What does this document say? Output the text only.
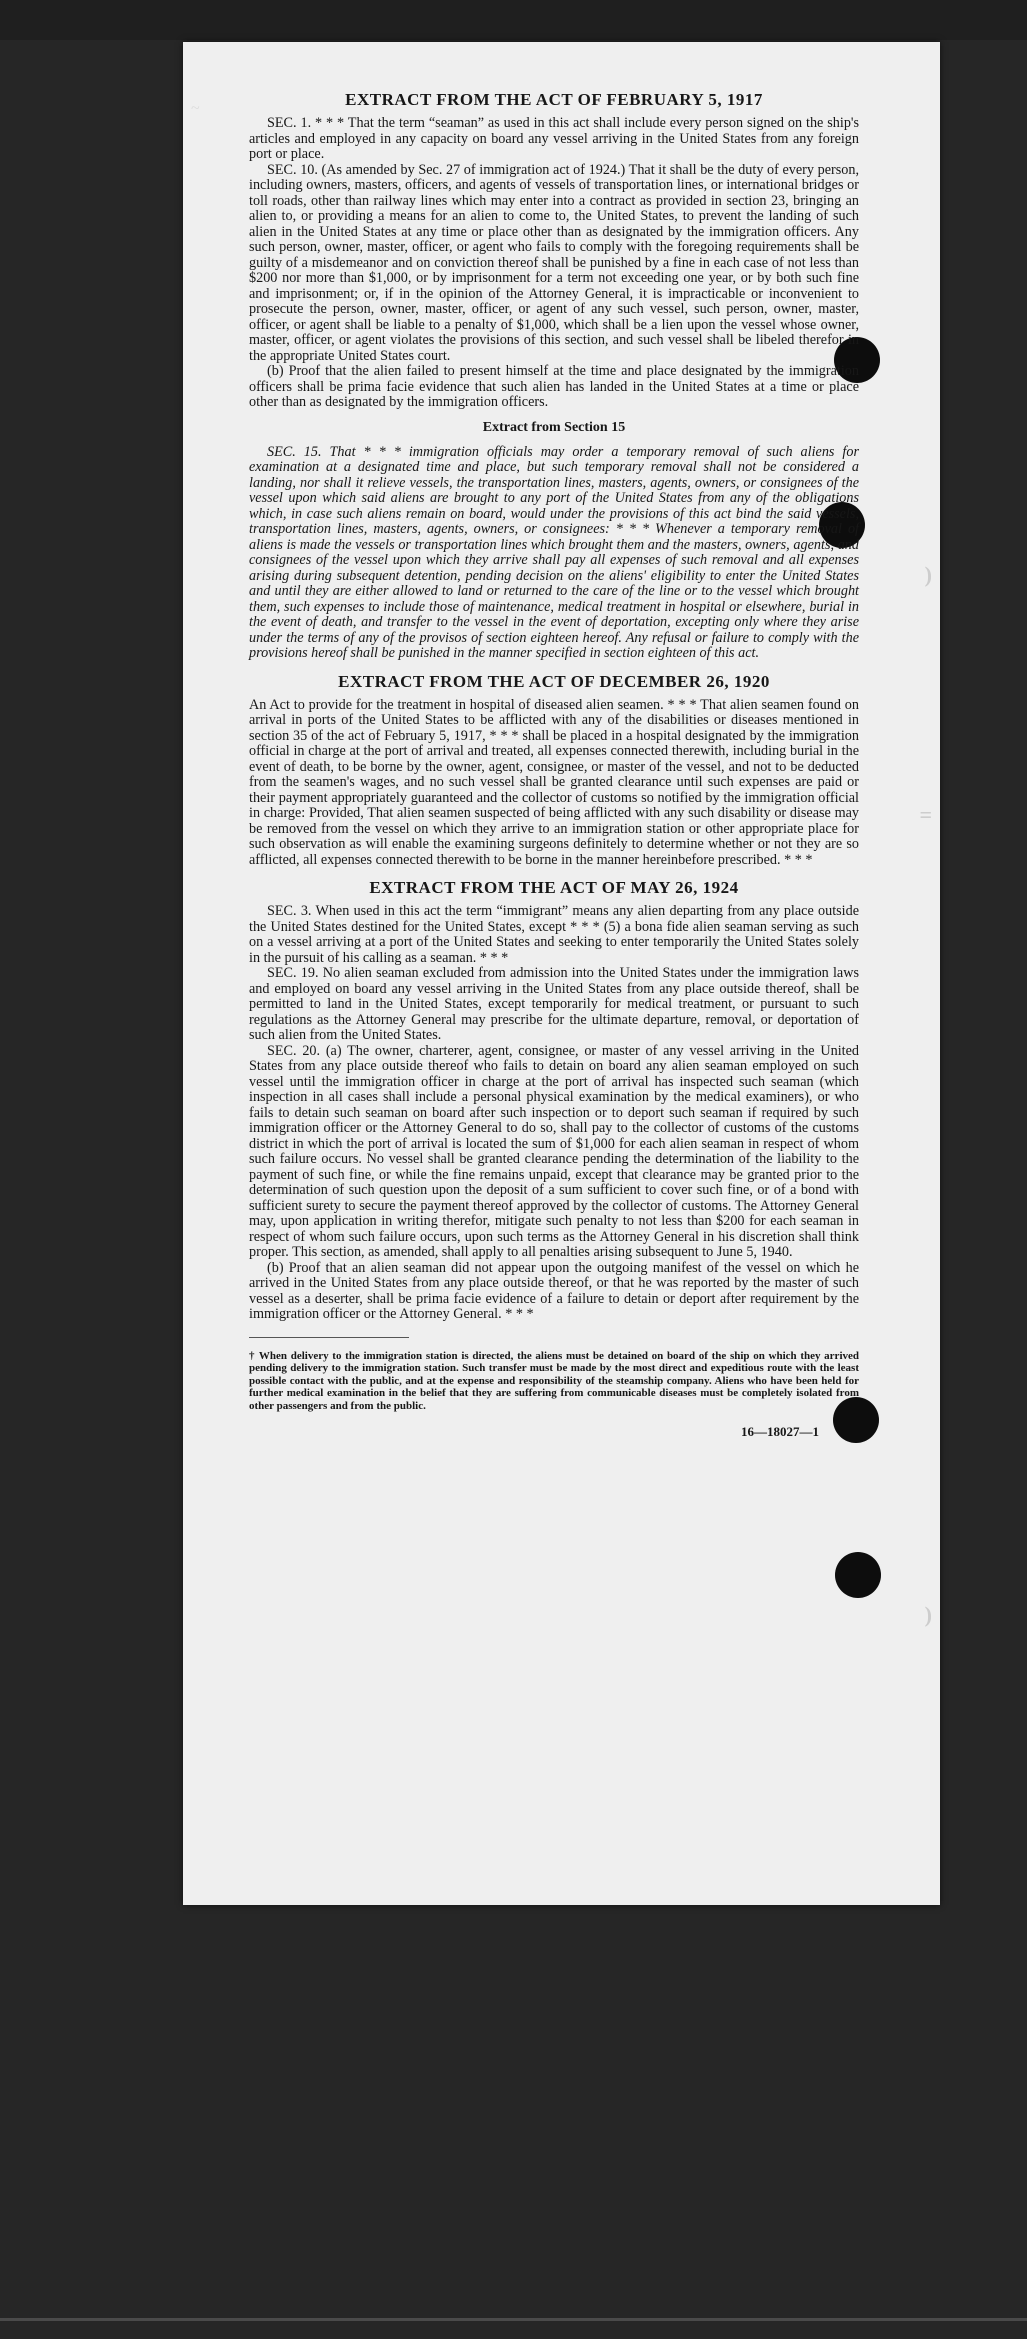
~
)
=
)
EXTRACT FROM THE ACT OF FEBRUARY 5, 1917

SEC. 1. * * * That the term “seaman” as used in this act shall include every person signed on the ship's articles and employed in any capacity on board any vessel arriving in the United States from any foreign port or place.

SEC. 10. (As amended by Sec. 27 of immigration act of 1924.) That it shall be the duty of every person, including owners, masters, officers, and agents of vessels of transportation lines, or international bridges or toll roads, other than railway lines which may enter into a contract as provided in section 23, bringing an alien to, or providing a means for an alien to come to, the United States, to prevent the landing of such alien in the United States at any time or place other than as designated by the immigration officers. Any such person, owner, master, officer, or agent who fails to comply with the foregoing requirements shall be guilty of a misdemeanor and on conviction thereof shall be punished by a fine in each case of not less than $200 nor more than $1,000, or by imprisonment for a term not exceeding one year, or by both such fine and imprisonment; or, if in the opinion of the Attorney General, it is impracticable or inconvenient to prosecute the person, owner, master, officer, or agent of any such vessel, such person, owner, master, officer, or agent shall be liable to a penalty of $1,000, which shall be a lien upon the vessel whose owner, master, officer, or agent violates the provisions of this section, and such vessel shall be libeled therefor in the appropriate United States court.

(b) Proof that the alien failed to present himself at the time and place designated by the immigration officers shall be prima facie evidence that such alien has landed in the United States at a time or place other than as designated by the immigration officers.

Extract from Section 15

SEC. 15. That * * * immigration officials may order a temporary removal of such aliens for examination at a designated time and place, but such temporary removal shall not be considered a landing, nor shall it relieve vessels, the transportation lines, masters, agents, owners, or consignees of the vessel upon which said aliens are brought to any port of the United States from any of the obligations which, in case such aliens remain on board, would under the provisions of this act bind the said vessels, transportation lines, masters, agents, owners, or consignees: * * * Whenever a temporary removal of aliens is made the vessels or transportation lines which brought them and the masters, owners, agents, and consignees of the vessel upon which they arrive shall pay all expenses of such removal and all expenses arising during subsequent detention, pending decision on the aliens' eligibility to enter the United States and until they are either allowed to land or returned to the care of the line or to the vessel which brought them, such expenses to include those of maintenance, medical treatment in hospital or elsewhere, burial in the event of death, and transfer to the vessel in the event of deportation, excepting only where they arise under the terms of any of the provisos of section eighteen hereof. Any refusal or failure to comply with the provisions hereof shall be punished in the manner specified in section eighteen of this act.

EXTRACT FROM THE ACT OF DECEMBER 26, 1920

An Act to provide for the treatment in hospital of diseased alien seamen. * * * That alien seamen found on arrival in ports of the United States to be afflicted with any of the disabilities or diseases mentioned in section 35 of the act of February 5, 1917, * * * shall be placed in a hospital designated by the immigration official in charge at the port of arrival and treated, all expenses connected therewith, including burial in the event of death, to be borne by the owner, agent, consignee, or master of the vessel, and not to be deducted from the seamen's wages, and no such vessel shall be granted clearance until such expenses are paid or their payment appropriately guaranteed and the collector of customs so notified by the immigration official in charge: Provided, That alien seamen suspected of being afflicted with any such disability or disease may be removed from the vessel on which they arrive to an immigration station or other appropriate place for such observation as will enable the examining surgeons definitely to determine whether or not they are so afflicted, all expenses connected therewith to be borne in the manner hereinbefore prescribed. * * *

EXTRACT FROM THE ACT OF MAY 26, 1924

SEC. 3. When used in this act the term “immigrant” means any alien departing from any place outside the United States destined for the United States, except * * * (5) a bona fide alien seaman serving as such on a vessel arriving at a port of the United States and seeking to enter temporarily the United States solely in the pursuit of his calling as a seaman. * * *

SEC. 19. No alien seaman excluded from admission into the United States under the immigration laws and employed on board any vessel arriving in the United States from any place outside thereof, shall be permitted to land in the United States, except temporarily for medical treatment, or pursuant to such regulations as the Attorney General may prescribe for the ultimate departure, removal, or deportation of such alien from the United States.

SEC. 20. (a) The owner, charterer, agent, consignee, or master of any vessel arriving in the United States from any place outside thereof who fails to detain on board any alien seaman employed on such vessel until the immigration officer in charge at the port of arrival has inspected such seaman (which inspection in all cases shall include a personal physical examination by the medical examiners), or who fails to detain such seaman on board after such inspection or to deport such seaman if required by such immigration officer or the Attorney General to do so, shall pay to the collector of customs of the customs district in which the port of arrival is located the sum of $1,000 for each alien seaman in respect of whom such failure occurs. No vessel shall be granted clearance pending the determination of the liability to the payment of such fine, or while the fine remains unpaid, except that clearance may be granted prior to the determination of such question upon the deposit of a sum sufficient to cover such fine, or of a bond with sufficient surety to secure the payment thereof approved by the collector of customs. The Attorney General may, upon application in writing therefor, mitigate such penalty to not less than $200 for each seaman in respect of whom such failure occurs, upon such terms as the Attorney General in his discretion shall think proper. This section, as amended, shall apply to all penalties arising subsequent to June 5, 1940.

(b) Proof that an alien seaman did not appear upon the outgoing manifest of the vessel on which he arrived in the United States from any place outside thereof, or that he was reported by the master of such vessel as a deserter, shall be prima facie evidence of a failure to detain or deport after requirement by the immigration officer or the Attorney General. * * *

† When delivery to the immigration station is directed, the aliens must be detained on board of the ship on which they arrived pending delivery to the immigration station. Such transfer must be made by the most direct and expeditious route with the least possible contact with the public, and at the expense and responsibility of the steamship company. Aliens who have been held for further medical examination in the belief that they are suffering from communicable diseases must be completely isolated from other passengers and from the public.

16—18027—1
